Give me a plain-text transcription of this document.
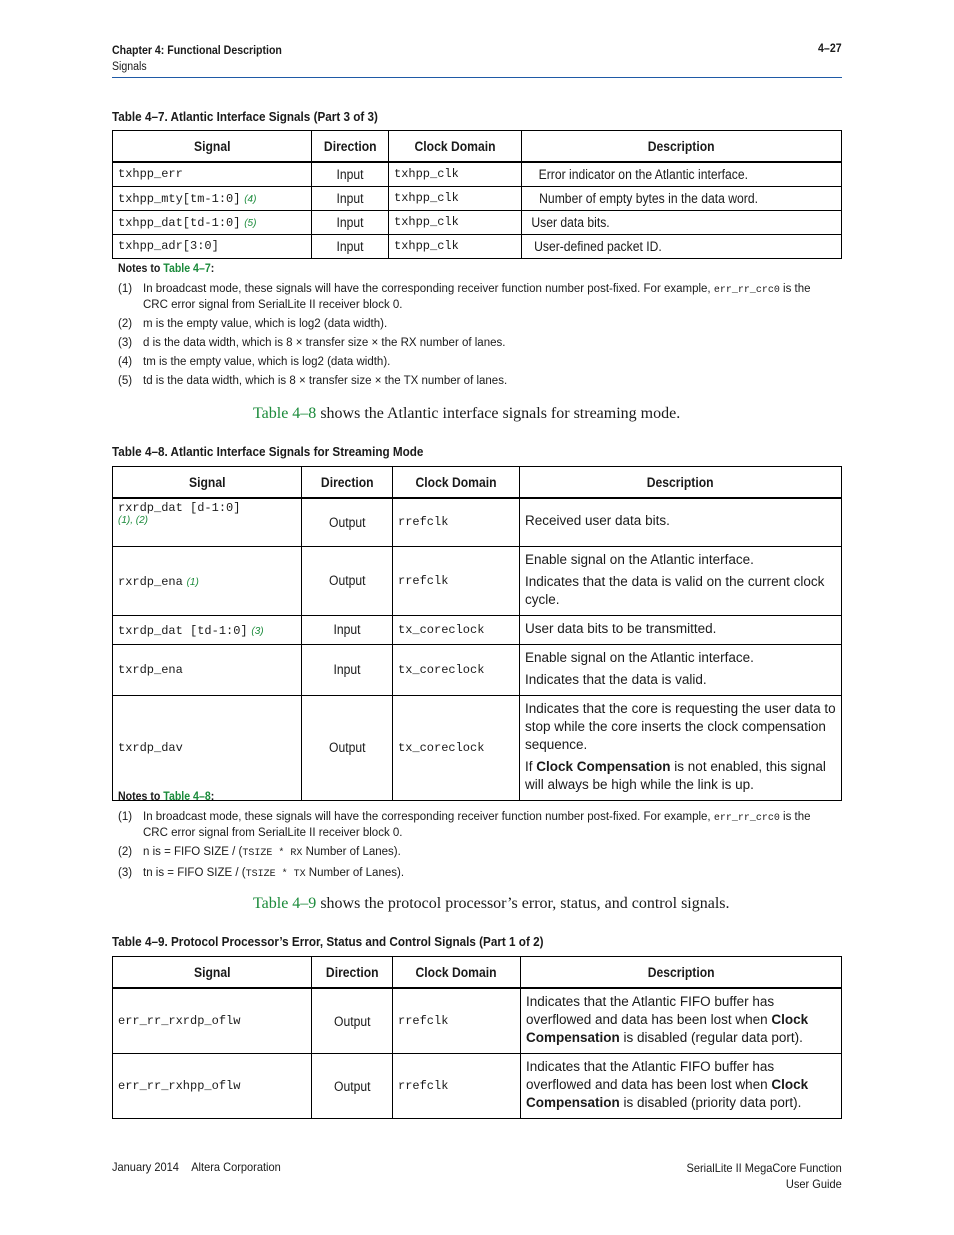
Chapter 4: Functional Description
Signals
4–27
Table 4–7. Atlantic Interface Signals (Part 3 of 3)
Signal	Direction	Clock Domain	Description
txhpp_err	Input	txhpp_clk	Error indicator on the Atlantic interface.
txhpp_mty[tm-1:0] (4)	Input	txhpp_clk	Number of empty bytes in the data word.
txhpp_dat[td-1:0] (5)	Input	txhpp_clk	User data bits.
txhpp_adr[3:0]	Input	txhpp_clk	User-defined packet ID.
Notes to Table 4–7:
(1) In broadcast mode, these signals will have the corresponding receiver function number post-fixed. For example, err_rr_crc0 is the CRC error signal from SerialLite II receiver block 0.
(2) m is the empty value, which is log2 (data width).
(3) d is the data width, which is 8 × transfer size × the RX number of lanes.
(4) tm is the empty value, which is log2 (data width).
(5) td is the data width, which is 8 × transfer size × the TX number of lanes.
Table 4–8 shows the Atlantic interface signals for streaming mode.
Table 4–8. Atlantic Interface Signals for Streaming Mode
Signal	Direction	Clock Domain	Description

rxrdp_dat [d-1:0]
(1), (2)	Output	rrefclk	Received user data bits.

rxrdp_ena (1)	Output	rrefclk	Enable signal on the Atlantic interface.

Indicates that the data is valid on the current clock cycle.

txrdp_dat [td-1:0] (3)	Input	tx_coreclock	User data bits to be transmitted.

txrdp_ena	Input	tx_coreclock	Enable signal on the Atlantic interface.

Indicates that the data is valid.

txrdp_dav	Output	tx_coreclock	Indicates that the core is requesting the user data to stop while the core inserts the clock compensation sequence.

If Clock Compensation is not enabled, this signal will always be high while the link is up.

Notes to Table 4–8:
(1) In broadcast mode, these signals will have the corresponding receiver function number post-fixed. For example, err_rr_crc0 is the CRC error signal from SerialLite II receiver block 0.
(2) n is = FIFO SIZE / (TSIZE * RX Number of Lanes).
(3) tn is = FIFO SIZE / (TSIZE * TX Number of Lanes).
Table 4–9 shows the protocol processor’s error, status, and control signals.
Table 4–9. Protocol Processor’s Error, Status and Control Signals (Part 1 of 2)
Signal	Direction	Clock Domain	Description
err_rr_rxrdp_oflw	Output	rrefclk	Indicates that the Atlantic FIFO buffer has overflowed and data has been lost when Clock Compensation is disabled (regular data port).

err_rr_rxhpp_oflw	Output	rrefclk	Indicates that the Atlantic FIFO buffer has overflowed and data has been lost when Clock Compensation is disabled (priority data port).

January 2014 Altera Corporation	SerialLite II MegaCore Function
User Guide
